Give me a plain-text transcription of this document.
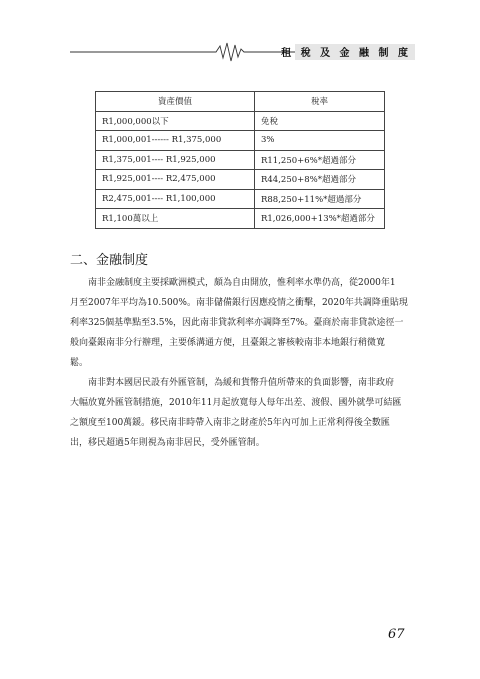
租 稅 及 金 融 制 度
資產價值	稅率
R1,000,000以下	免稅
R1,000,001------ R1,375,000	3%
R1,375,001---- R1,925,000	R11,250+6%*超過部分
R1,925,001---- R2,475,000	R44,250+8%*超過部分
R2,475,001---- R1,100,000	R88,250+11%*超過部分
R1,100萬以上	R1,026,000+13%*超過部分
二、金融制度

南非金融制度主要採歐洲模式，頗為自由開放，惟利率水準仍高，從2000年1
月至2007年平均為10.500%。南非儲備銀行因應疫情之衝擊，2020年共調降重貼現
利率325個基準點至3.5%，因此南非貸款利率亦調降至7%。臺商於南非貸款途徑一
般向臺銀南非分行辦理，主要係溝通方便，且臺銀之審核較南非本地銀行稍微寬
鬆。

南非對本國居民設有外匯管制，為緩和貨幣升值所帶來的負面影響，南非政府
大幅放寬外匯管制措施，2010年11月起放寬每人每年出差、渡假、國外就學可結匯
之額度至100萬鍰。移民南非時帶入南非之財產於5年內可加上正常利得後全數匯
出，移民超過5年則視為南非居民，受外匯管制。

67
